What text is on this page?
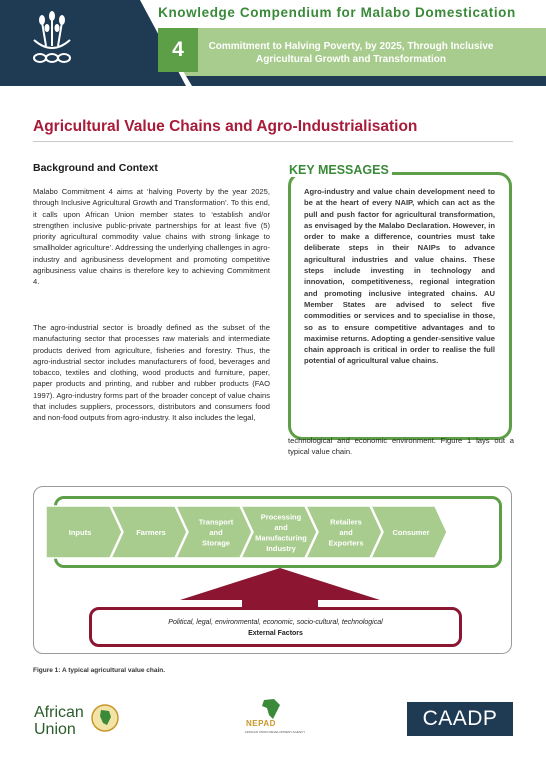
Knowledge Compendium for Malabo Domestication
4	Commitment to Halving Poverty, by 2025, Through Inclusive Agricultural Growth and Transformation
Agricultural Value Chains and Agro-Industrialisation
Background and Context
Malabo Commitment 4 aims at ‘halving Poverty by the year 2025, through Inclusive Agricultural Growth and Transformation’. To this end, it calls upon African Union member states to ‘establish and/or strengthen inclusive public-private partnerships for at least five (5) priority agricultural commodity value chains with strong linkage to smallholder agriculture’. Addressing the underlying challenges in agro-industry and agribusiness development and promoting competitive agribusiness value chains is therefore key to achieving Commitment 4.
The agro-industrial sector is broadly defined as the subset of the manufacturing sector that processes raw materials and intermediate products derived from agriculture, fisheries and forestry. Thus, the agro-industrial sector includes manufacturers of food, beverages and tobacco, textiles and clothing, wood products and furniture, paper, paper products and printing, and rubber and rubber products (FAO 1997). Agro-industry forms part of the broader concept of value chains that includes suppliers, processors, distributors and consumers food and non-food outputs from agro-industry. It also includes the legal,
KEY MESSAGES
Agro-industry and value chain development need to be at the heart of every NAIP, which can act as the pull and push factor for agricultural transformation, as envisaged by the Malabo Declaration. However, in order to make a difference, countries must take deliberate steps in their NAIPs to advance agricultural industries and value chains. These steps include investing in technology and innovation, competitiveness, regional integration and promoting inclusive integrated chains. AU Member States are advised to select five commodities or services and to specialise in those, so as to ensure competitive advantages and to maximise returns. Adopting a gender-sensitive value chain approach is critical in order to realise the full potential of agricultural value chains.
technological and economic environment. Figure 1 lays out a typical value chain.
Inputs	Farmers
Transport and Storage
Processing and Manufacturing Industry
Retailers and Exporters
Consumer
Political, legal, environmental, economic, socio-cultural, technological
External Factors
Figure 1: A typical agricultural value chain.
African
Union	NEPAD
AFRICAN UNION DEVELOPMENT AGENCY
CAADP
